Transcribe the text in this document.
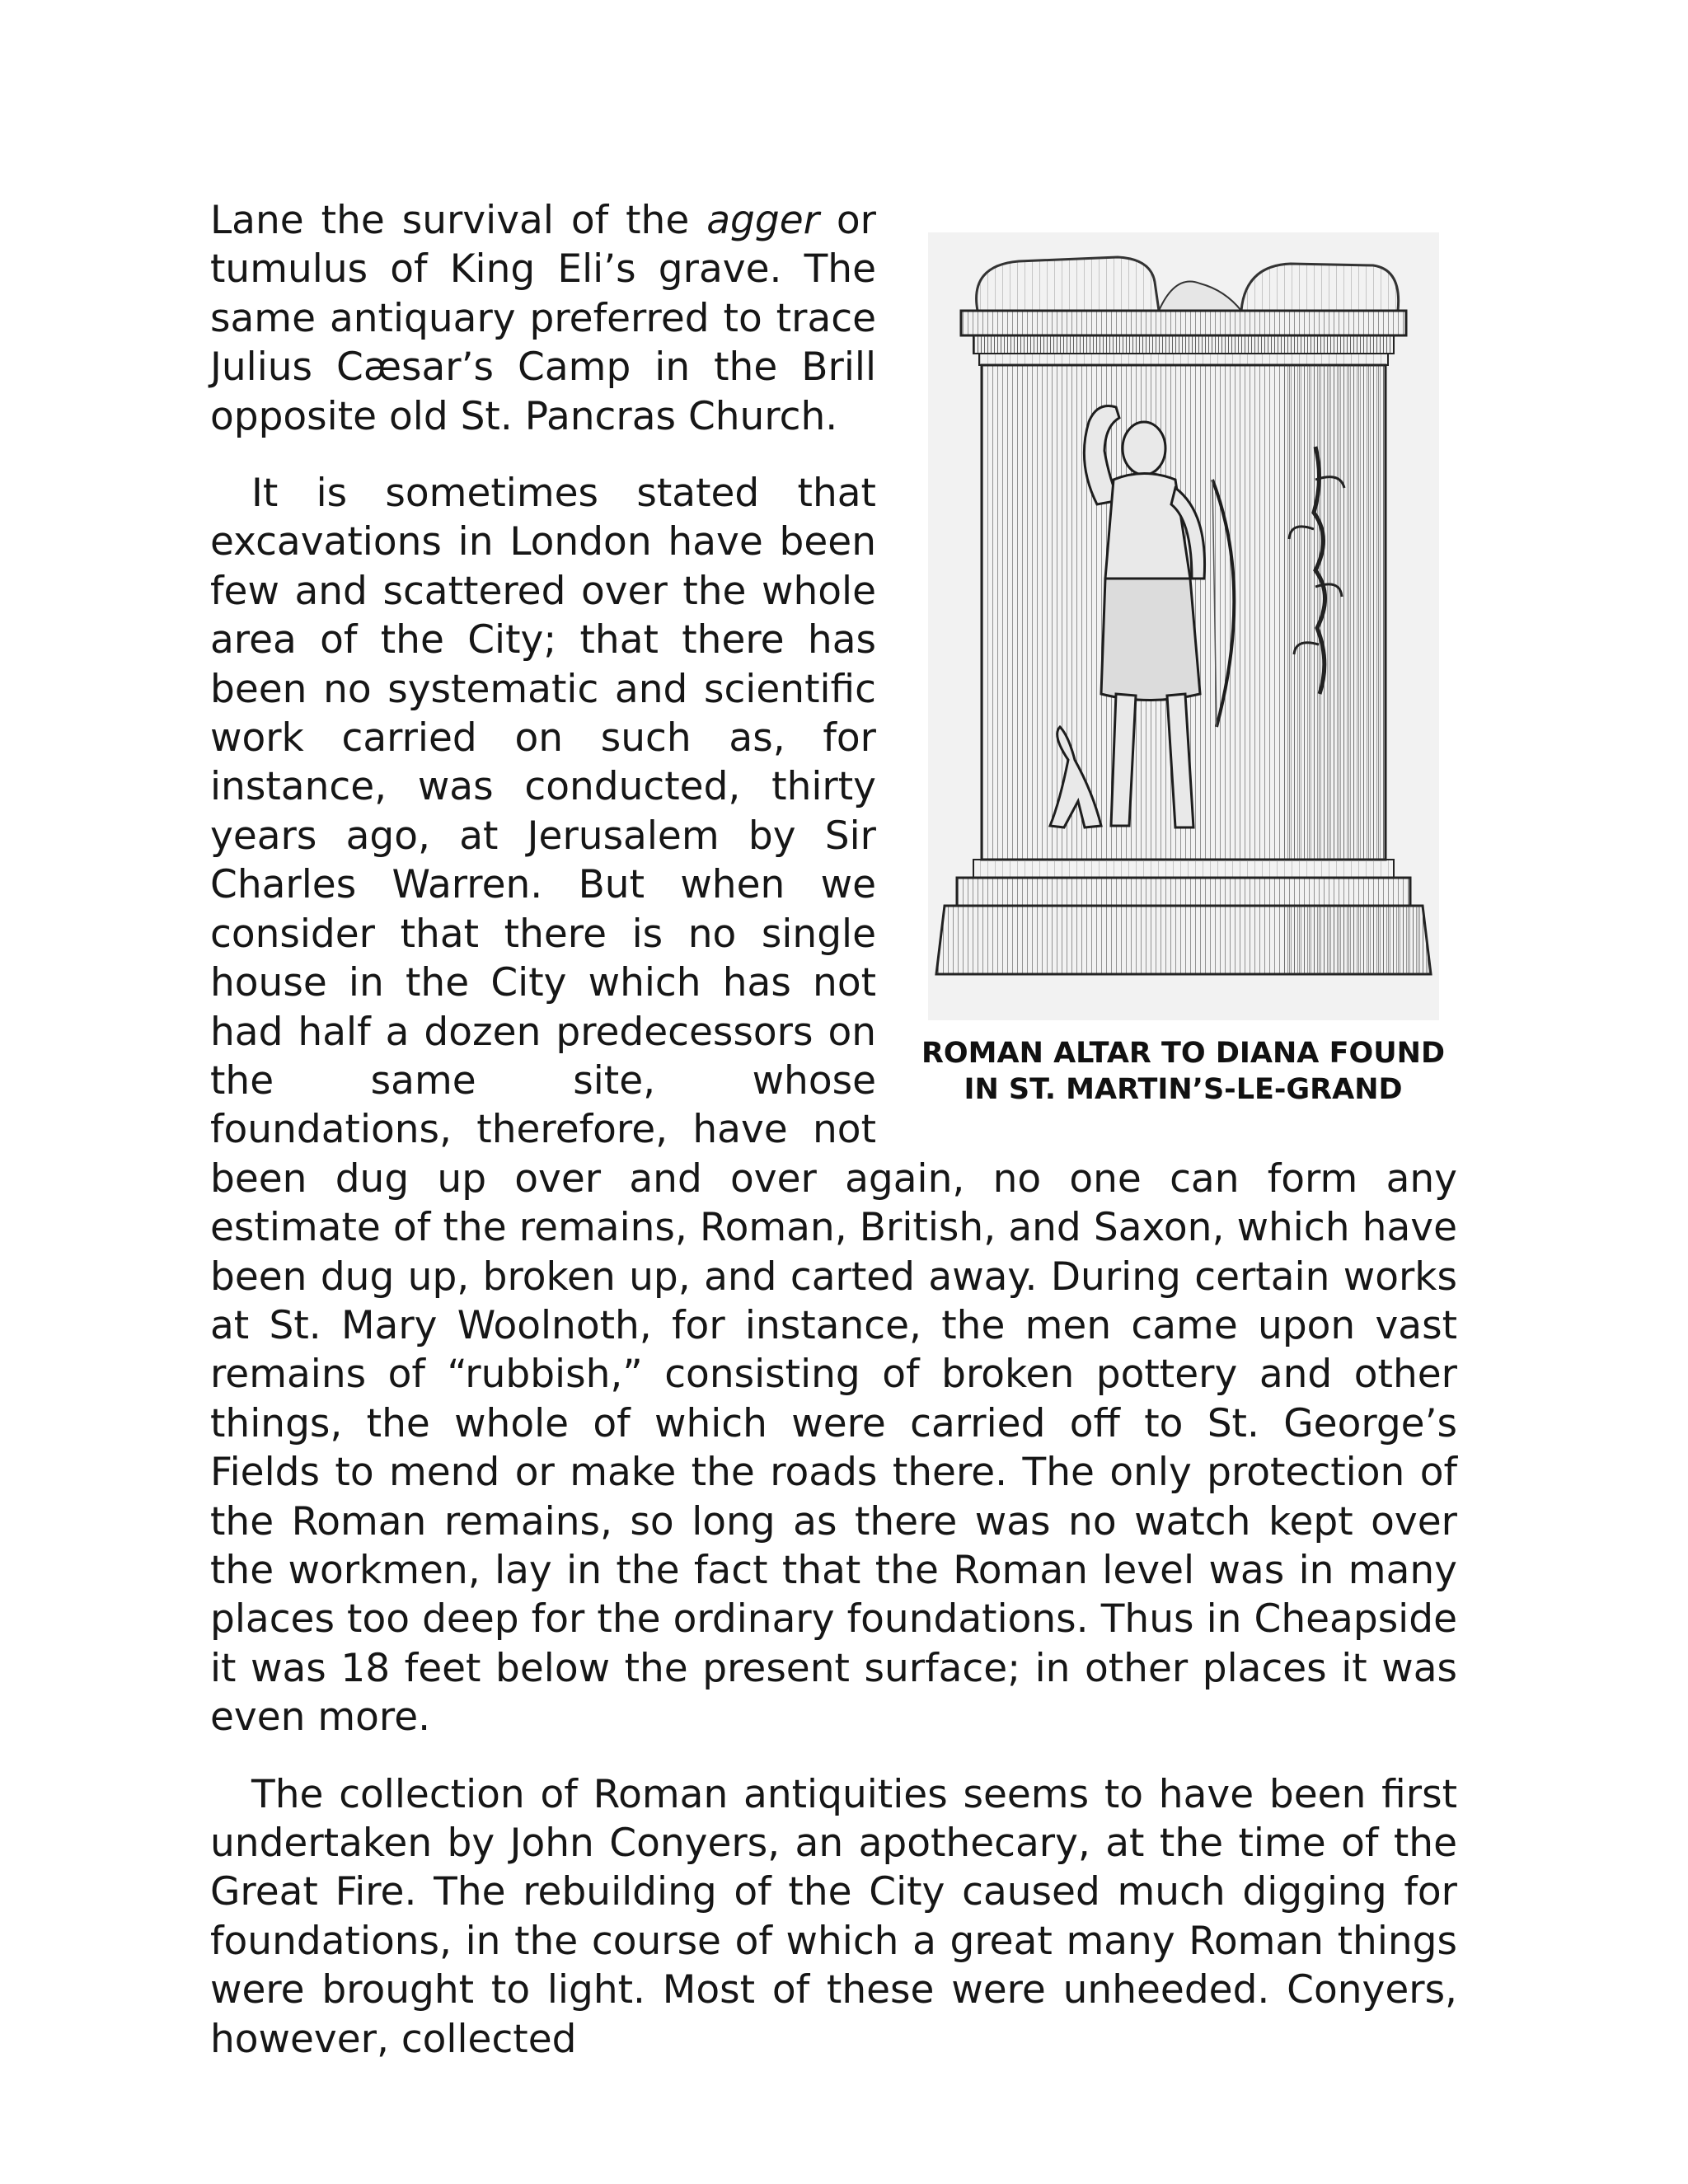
ROMAN ALTAR TO DIANA FOUND
IN ST. MARTIN’S-LE-GRAND

Lane the survival of the agger or tumulus of King Eli’s grave. The same antiquary preferred to trace Julius Cæsar’s Camp in the Brill opposite old St. Pancras Church.

It is sometimes stated that excavations in London have been few and scattered over the whole area of the City; that there has been no systematic and scientific work carried on such as, for instance, was conducted, thirty years ago, at Jerusalem by Sir Charles Warren. But when we consider that there is no single house in the City which has not had half a dozen predecessors on the same site, whose foundations, therefore, have not been dug up over and over again, no one can form any estimate of the remains, Roman, British, and Saxon, which have been dug up, broken up, and carted away. During certain works at St. Mary Woolnoth, for instance, the men came upon vast remains of “rubbish,” consisting of broken pottery and other things, the whole of which were carried off to St. George’s Fields to mend or make the roads there. The only protection of the Roman remains, so long as there was no watch kept over the workmen, lay in the fact that the Roman level was in many places too deep for the ordinary foundations. Thus in Cheapside it was 18 feet below the present surface; in other places it was even more.

The collection of Roman antiquities seems to have been first undertaken by John Conyers, an apothecary, at the time of the Great Fire. The rebuilding of the City caused much digging for foundations, in the course of which a great many Roman things were brought to light. Most of these were unheeded. Conyers, however, collected
